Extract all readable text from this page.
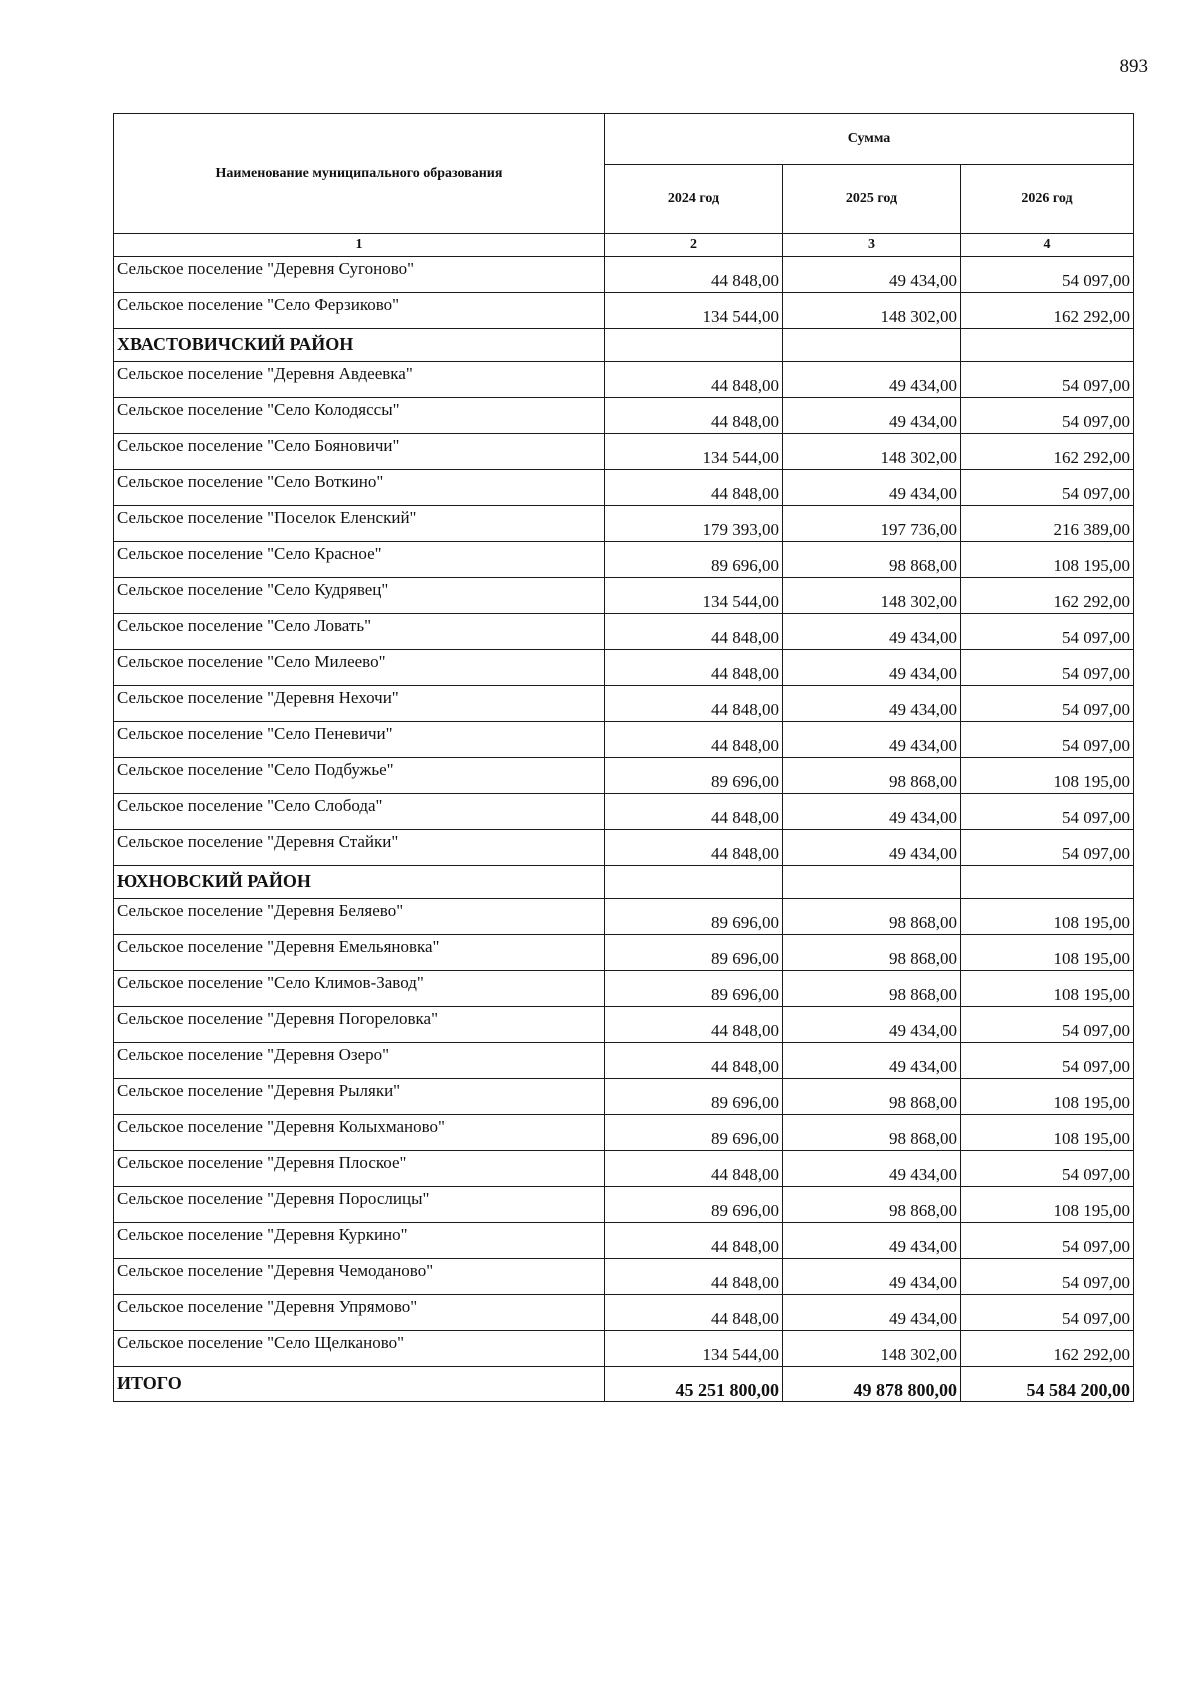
893
Наименование муниципального образования	Сумма		
	2024 год	2025 год	2026 год
1	2	3	4
Сельское поселение "Деревня Сугоново"	44 848,00	49 434,00	54 097,00
Сельское поселение "Село Ферзиково"	134 544,00	148 302,00	162 292,00
ХВАСТОВИЧСКИЙ РАЙОН			
Сельское поселение "Деревня Авдеевка"	44 848,00	49 434,00	54 097,00
Сельское поселение "Село Колодяссы"	44 848,00	49 434,00	54 097,00
Сельское поселение "Село Бояновичи"	134 544,00	148 302,00	162 292,00
Сельское поселение "Село Воткино"	44 848,00	49 434,00	54 097,00
Сельское поселение "Поселок Еленский"	179 393,00	197 736,00	216 389,00
Сельское поселение "Село Красное"	89 696,00	98 868,00	108 195,00
Сельское поселение "Село Кудрявец"	134 544,00	148 302,00	162 292,00
Сельское поселение "Село Ловать"	44 848,00	49 434,00	54 097,00
Сельское поселение "Село Милеево"	44 848,00	49 434,00	54 097,00
Сельское поселение "Деревня Нехочи"	44 848,00	49 434,00	54 097,00
Сельское поселение "Село Пеневичи"	44 848,00	49 434,00	54 097,00
Сельское поселение "Село Подбужье"	89 696,00	98 868,00	108 195,00
Сельское поселение "Село Слобода"	44 848,00	49 434,00	54 097,00
Сельское поселение "Деревня Стайки"	44 848,00	49 434,00	54 097,00
ЮХНОВСКИЙ РАЙОН			
Сельское поселение "Деревня Беляево"	89 696,00	98 868,00	108 195,00
Сельское поселение "Деревня Емельяновка"	89 696,00	98 868,00	108 195,00
Сельское поселение "Село Климов-Завод"	89 696,00	98 868,00	108 195,00
Сельское поселение "Деревня Погореловка"	44 848,00	49 434,00	54 097,00
Сельское поселение "Деревня Озеро"	44 848,00	49 434,00	54 097,00
Сельское поселение "Деревня Рыляки"	89 696,00	98 868,00	108 195,00
Сельское поселение "Деревня Колыхманово"	89 696,00	98 868,00	108 195,00
Сельское поселение "Деревня Плоское"	44 848,00	49 434,00	54 097,00
Сельское поселение "Деревня Порослицы"	89 696,00	98 868,00	108 195,00
Сельское поселение "Деревня Куркино"	44 848,00	49 434,00	54 097,00
Сельское поселение "Деревня Чемоданово"	44 848,00	49 434,00	54 097,00
Сельское поселение "Деревня Упрямово"	44 848,00	49 434,00	54 097,00
Сельское поселение "Село Щелканово"	134 544,00	148 302,00	162 292,00
ИТОГО	45 251 800,00	49 878 800,00	54 584 200,00
